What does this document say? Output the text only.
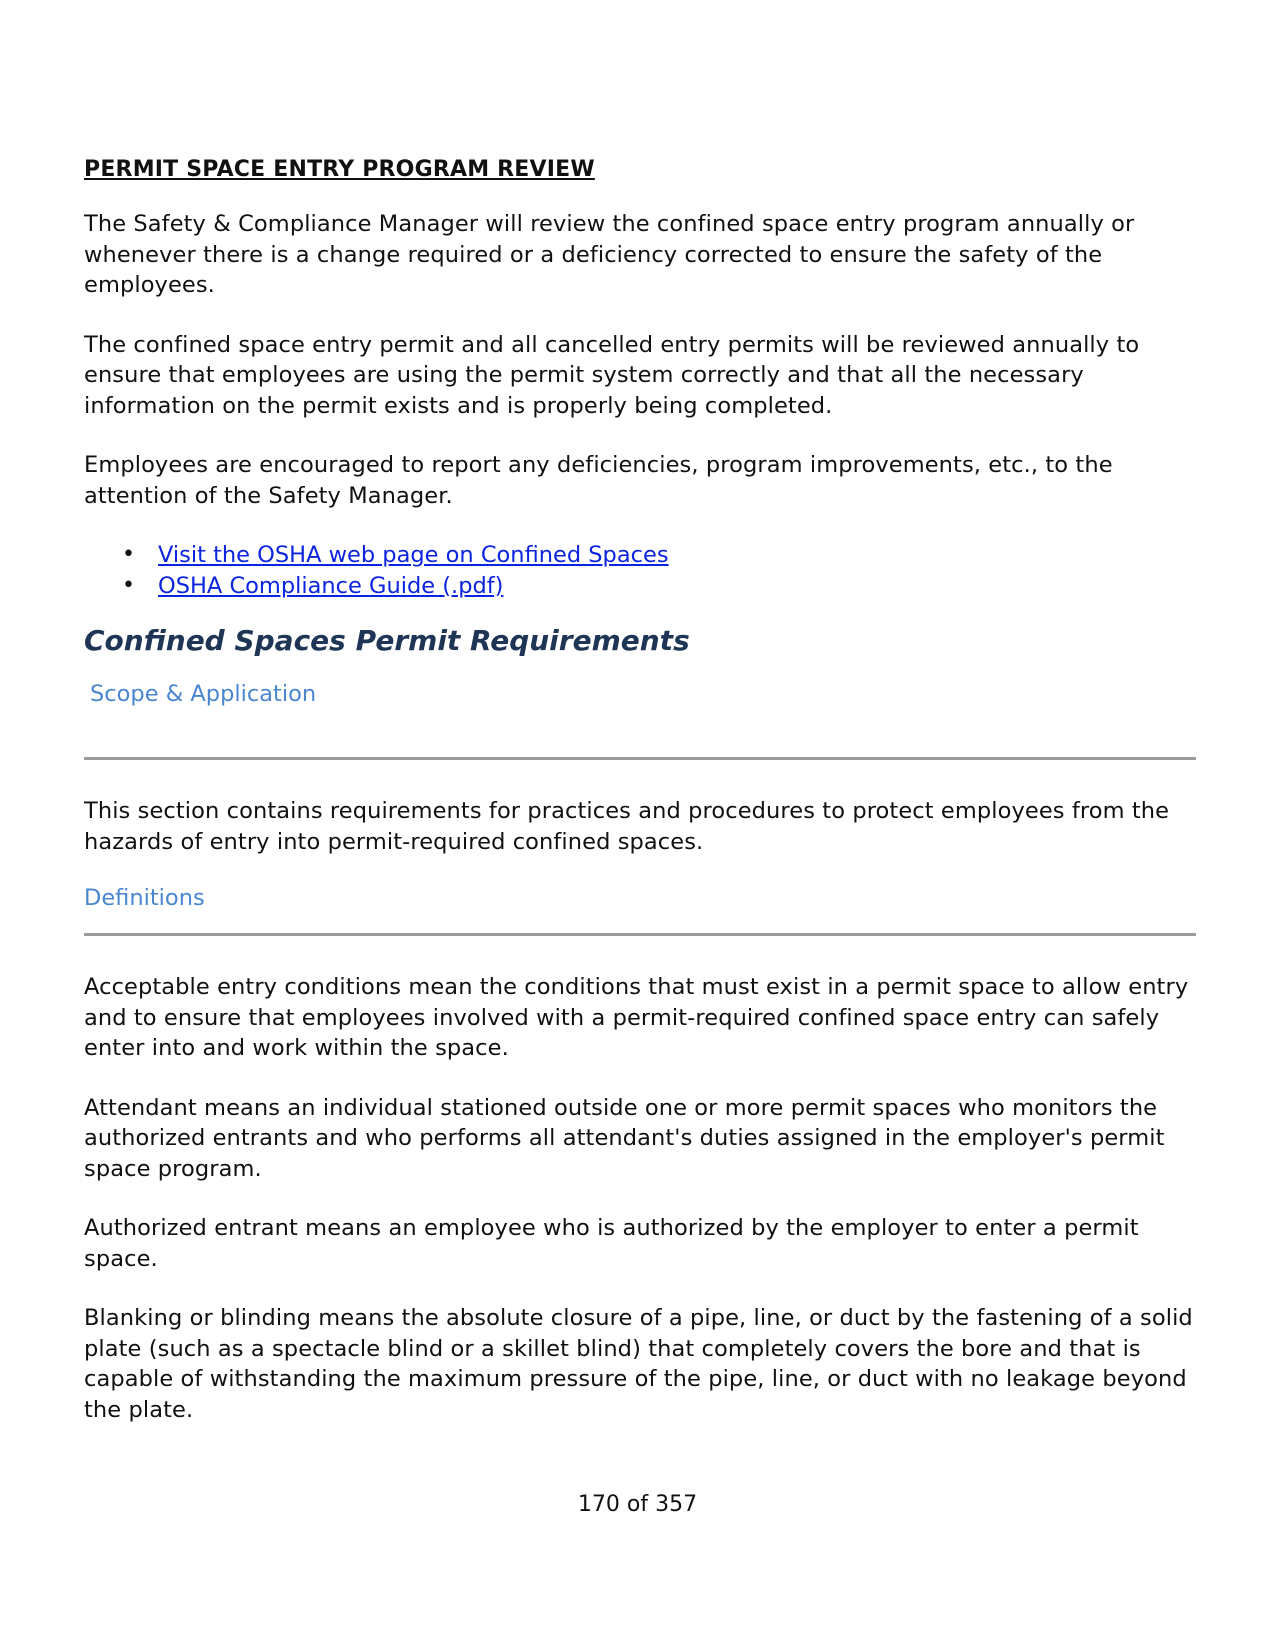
PERMIT SPACE ENTRY PROGRAM REVIEW

The Safety & Compliance Manager will review the confined space entry program annually or whenever there is a change required or a deficiency corrected to ensure the safety of the employees.

The confined space entry permit and all cancelled entry permits will be reviewed annually to ensure that employees are using the permit system correctly and that all the necessary information on the permit exists and is properly being completed.

Employees are encouraged to report any deficiencies, program improvements, etc., to the attention of the Safety Manager.

• Visit the OSHA web page on Confined Spaces
• OSHA Compliance Guide (.pdf)
Confined Spaces Permit Requirements
Scope & Application

This section contains requirements for practices and procedures to protect employees from the hazards of entry into permit-required confined spaces.

Definitions

Acceptable entry conditions mean the conditions that must exist in a permit space to allow entry and to ensure that employees involved with a permit-required confined space entry can safely enter into and work within the space.

Attendant means an individual stationed outside one or more permit spaces who monitors the authorized entrants and who performs all attendant's duties assigned in the employer's permit space program.

Authorized entrant means an employee who is authorized by the employer to enter a permit space.

Blanking or blinding means the absolute closure of a pipe, line, or duct by the fastening of a solid plate (such as a spectacle blind or a skillet blind) that completely covers the bore and that is capable of withstanding the maximum pressure of the pipe, line, or duct with no leakage beyond the plate.

170 of 357
